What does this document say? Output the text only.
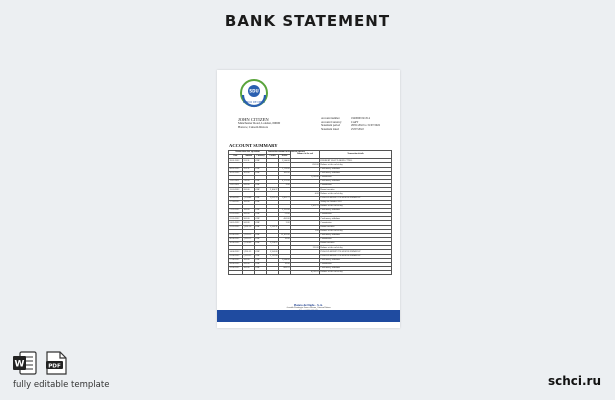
BANK STATEMENT
SDU
BANCO DE DEDO
JOHN CITIZEN
Manchester Road, London, 00000
Harrow, Cutsom Ristors
Account number	1920000 021314
Account Currency	CAPT
Statement period	28/01/2022 to 31/07/2022
Statement dated	25/07/2022
ACCOUNT SUMMARY
Transactions date operations			Transaction amount in the current currency		Balance at the end	Transaction details
Date	Amount	Currency	Credits	Debits		
28.01.2022	331.31	GBP		2,244.00		HERBERT LLOYD ODELL TTKA
					650.00	Balance at the end of day
08.02.2022	331.31	GBP		1,176.00		Card money withdraw
10.02.2022	162.00	GBP		160.00		Card money withdraw
					1,010.00	Commission
11.03.2022	310.00	GBP		6,121.00		Card money withdraw
11.03.2022	200.00	GBP		9.00		Commission
13.03.2022	200.00	GBP	2,164.37			Bonus incentive
					4.00	Balance at the end of day
16.04.2022	1,054.48	GBP	2,053.33	1,962.72		INWARD MONEY TRANSFER PRIMEPAY
17.04.2022	100.00	GBP				Salary for October 2022
					1,562.70	Balance at the end of day
21.05.2022	100.00	GBP		2,155.00		Card money withdraw
22.05.2022	300.00	GBP		31.00		Commission
22.05.2022	300.00	GBP		450.00		Card money withdraw
24.05.2022	500.00	GBP		2.00		Commission
25.05.2022	1,001.10	GBP	1,526.31			Bonus incentive
					1.00	Balance at the end of day
05.06.2022	1,303.13	GBP		13,162.00		Card money withdraw
06.06.2022	1,003.13	GBP		10.00		Commission
10.06.2022	1,100.00	GBP	2,254.22			Bonus incentive
					135.00	Balance at the end of day
14.06.2022	1,901.53	GBP	2,356.00			INWARD MONEY TRANSFER PRIMEPAY
25.06.2022	2,003.55	GBP	2,112.00			INWARD MONEY TRANSFER PRIMEPAY
27.06.2022	300.00	GBP		3,044.00		Card money withdraw
28.06.2022	300.00	GBP		10.00		Commission
29.06.2022	300.00	GBP		806.10		Card money withdraw
					4,010.10	Balance at the end of day
Banco de Dedo - S.A.
Avenida Domingos Soares Moura, Cutsom Ristors
W	PDF
fully editable template	schci.ru
